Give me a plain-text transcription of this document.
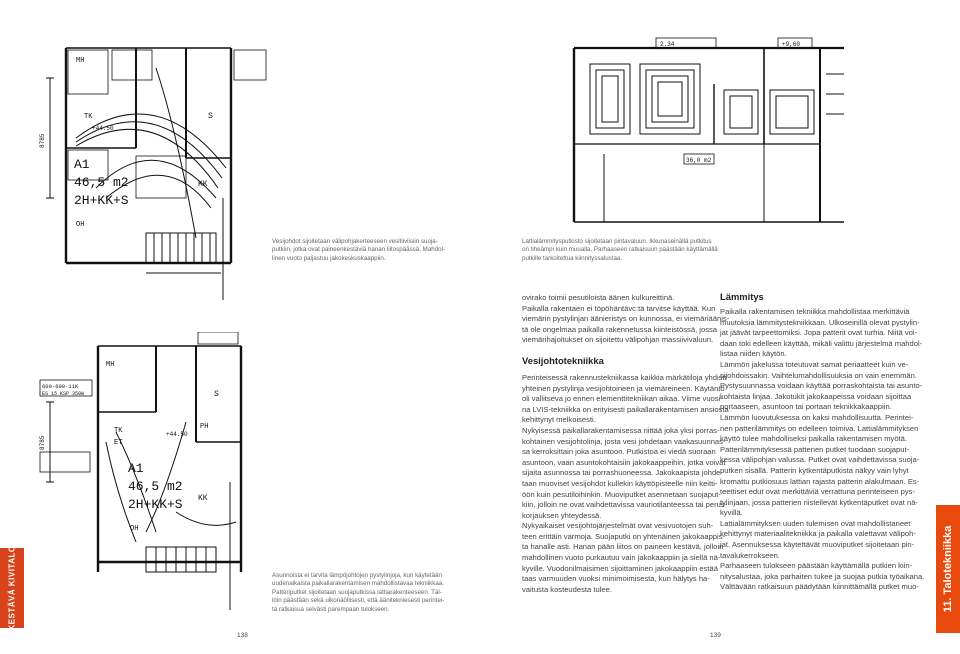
MH
A1
46,5 m2
2H+KK+S
OH
S
KK
+44.50
TK
8785
Vesijohdot sijoitetaan välipohjakerteeseen vesitiiviisiin suoja-
putkiin, jotka ovat paineenkestäviä hanan liitospäässä. Mahdol-
linen vuoto paljastuu jakokeskuskaappiin.
MH
A1
46,5 m2
2H+KK+S
OH
S
KK
PH
+44.50
600-600-11K
ES 15 KSP 350W
TK
ET
8785
Asunnoista ei tarvita lämpöjohtojen pystylinjoja, kun käytetään
uudenaikaista paikallarakentamisen mahdollistavaa tekniikkaa.
Patteriputket sijoitetaan suojaputkissa lattiarakenteeseen. Täl-
löin päästään sekä ulkonäöllisesti, että äänitekniesesti perintei-
tä ratkaisua selvästi parempaan tulokseen.
KESTÄVÄ KIVITALO
138
2.34
36,0 m2
+9,60
Lattialämmitysputkisto sijoitetaan pintavaluun. Ikkunaseinällä putkitus
on tiheämpi kuin muualla. Parhaaseen ratkaisuun päästään käyttämällä
putkille tarkoitettua kiinnityssalustaa.

ovirako toimii pesutiloista äänen kulkureittinä.
Paikalla rakentaen ei töpöhäntävc:tä tarvitse käyttää. Kun
viemärin pystylinjan äänieristys on kunnossa, ei viemäriäänis-
tä ole ongelmaa paikalla rakennetussa kiinteistössä, jossa
viemärihajoitukset on sijoitettu välipohjan massiivivaluun.

Vesijohtotekniikka

Perinteisessä rakennustekniikassa kaikkia märkätiloja yhdisti
yhteinen pystylinja vesijohtoineen ja viemäreineen. Käytäntö
oli vallitseva jo ennen elementtitekniikan aikaa. Viime vuosi-
na LVIS-tekniikka on erityisesti paikallarakentamisen ansiosta
kehittynyt melkoisesti.

Nykyisessä paikallarakentamisessa riittää joka yksi porras-
kohtainen vesijohtolinja, josta vesi johdetaan vaakasuunnas-
sa kerroksittain joka asuntoon. Putkistoa ei viedä suoraan
asuntoon, vaan asuntokohtaisiin jakokaappeihin, jotka voivat
sijaita asunnossa tai porrashuoneessa. Jakokaapista johde-
taan muoviset vesijohdot kullekin käyttöpisteelle niin keitti-
öön kuin pesutiloihinkin. Muoviputket asennetaan suojaput-
kiin, jolloin ne ovat vaihdettavissa vauriotilanteessa tai perus-
korjauksen yhteydessä.

Nykyaikaiset vesijohtojärjestelmät ovat vesivuotojen suh-
teen erittäin varmoja. Suojaputki on yhtenäinen jakokaappis-
ta hanalle asti. Hanan pään liitos on paineen kestävä, jolloin
mahdollinen vuoto purkautuu vain jakokaappiin ja siellä nä-
kyville. Vuodonilmaisimen sijoittaminen jakokaappiin estää
taas varmuuden vuoksi minimoimisesta, kun hälytys ha-
vaitusta kosteudesta tulee.

Lämmitys

Paikalla rakentamisen tekniikka mahdollistaa merkittäviä
muutoksia lämmitystekniikkaan. Ulkoseinillä olevat pystylin-
jat jäävät tarpeettomiksi. Jopa patterit ovat turhia. Niitä voi-
daan toki edelleen käyttää, mikäli valittu järjestelmä mahdol-
listaa niiden käytön.

Lämmön jakelussa toteutuvat samat periaatteet kuin ve-
sijohdoissakin. Vaihtelumahdollisuuksia on vain enemmän.
Pystysuunnassa voidaan käyttää porraskohtaista tai asunto-
kohtaista linjaa. Jakotukit jakokaapeissa voidaan sijoittaa
portaaseen, asuntoon tai portaan teknikkakaappiin.

Lämmön luovutuksessa on kaksi mahdollisuutta. Perintei-
nen patterilämmitys on edelleen toimiva. Lattialämmityksen
käyttö tulee mahdolliseksi paikalla rakentamisen myötä.

Patterilämmityksessä patterien putket tuodaan suojaput-
kessa välipohjan valussa. Putket ovat vaihdettavissa suoja-
putken sisällä. Patterin kytkentäputkista näkyy vain lyhyt
kromattu putkiosuus lattian rajasta patterin alakulmaan. Es-
teettiset edut ovat merkittäviä verrattuna perinteiseen pys-
tylinjaan, jossa patterien riisteilevät kytkentäputket ovat nä-
kyvillä.

Lattialämmityksen uuden tulemisen ovat mahdollistaneet
kehittynyt materiaalitekniikka ja paikalla valettavat välipoh-
jat. Asennuksessa käytettävät muoviputket sijoitetaan pin-
tavalukerrokseen.

Parhaaseen tulokseen päästään käyttämällä putkien kiin-
nitysalustaa, joka parhaiten tukee ja suojaa putkia työaikana.
Välttävään ratkaisuun päädytään kiinnittämällä putket muo- 11. Talotekniikka
139
